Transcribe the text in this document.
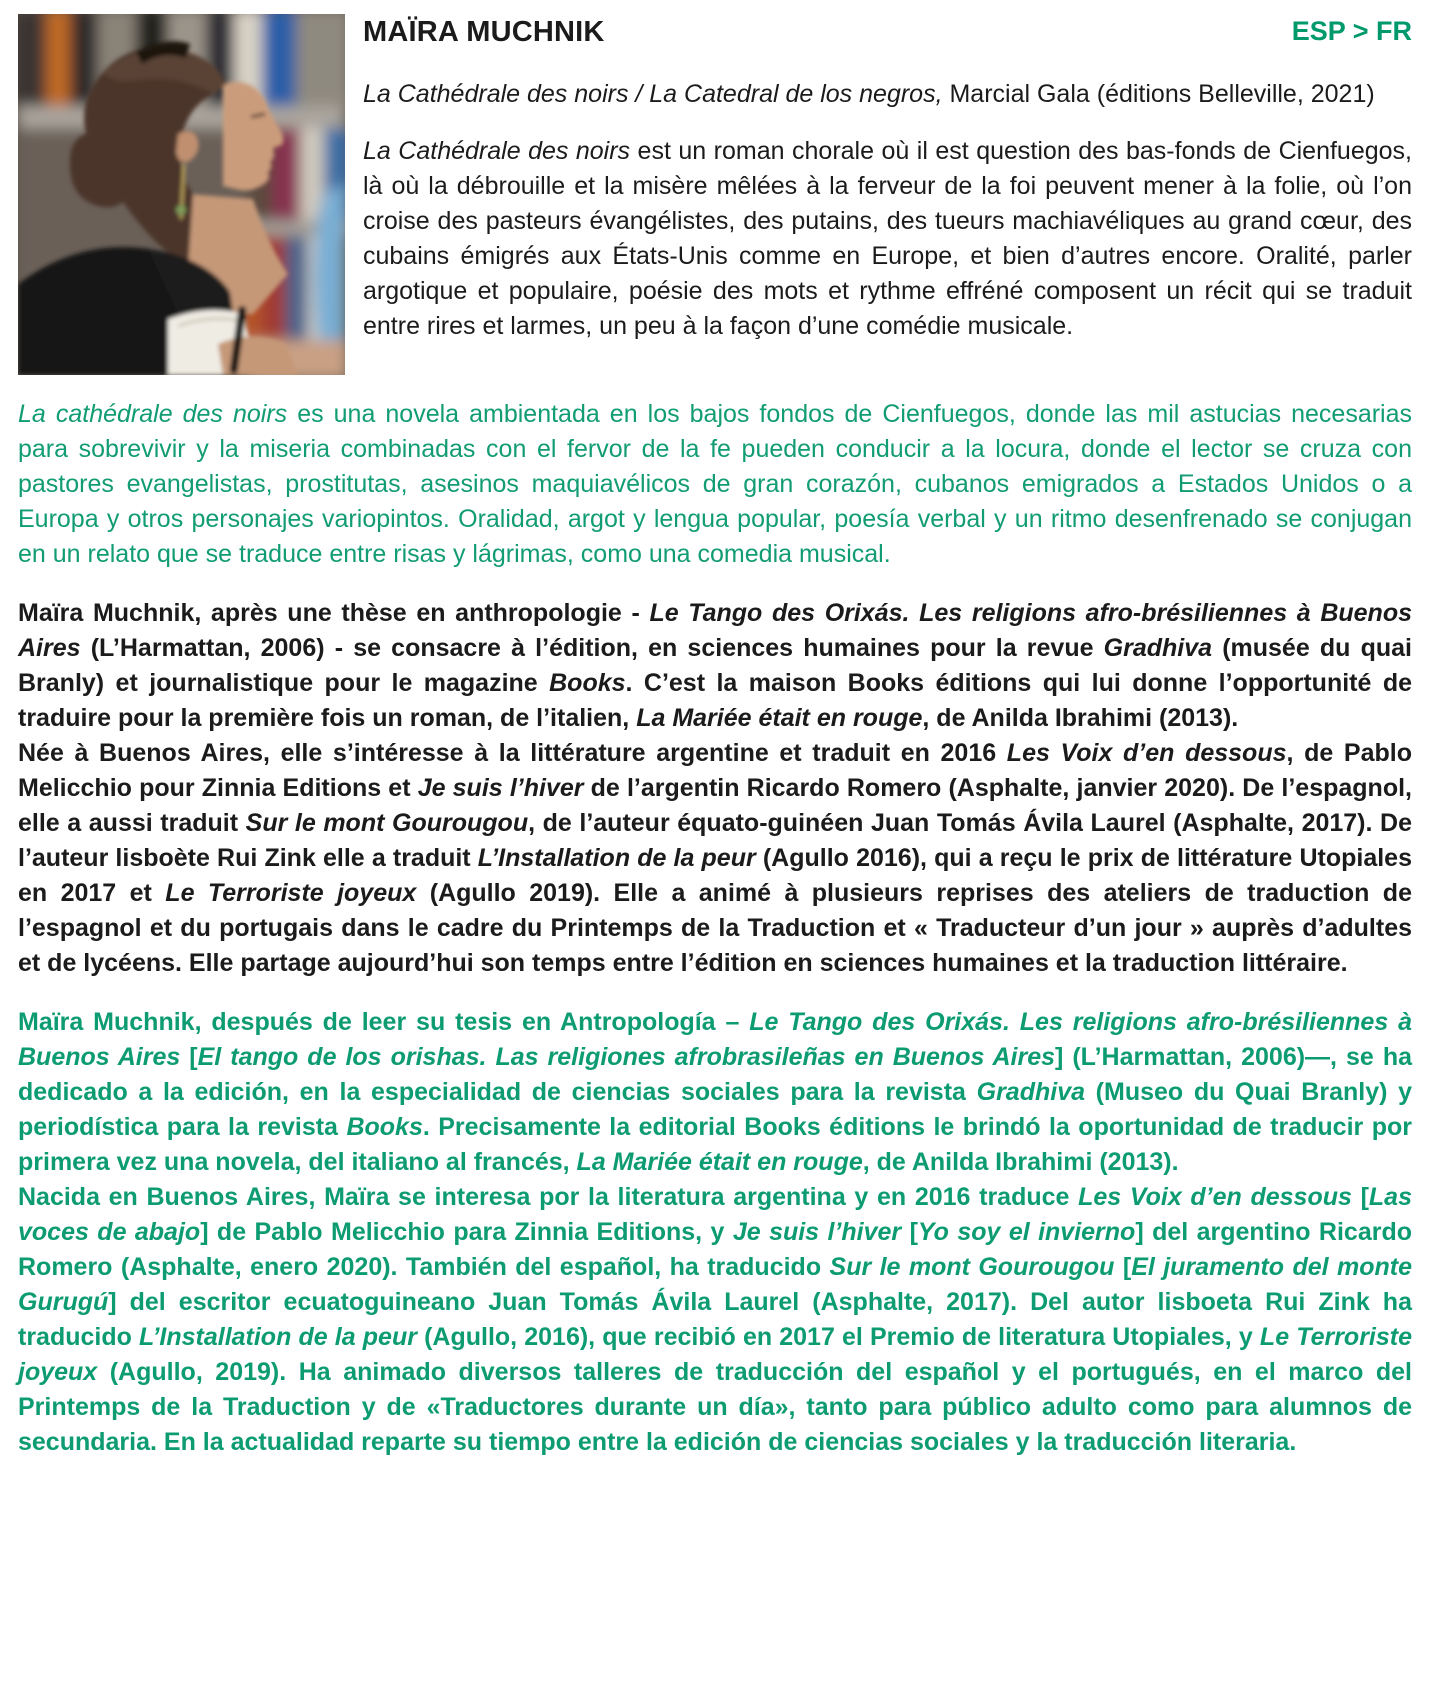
MAÏRA MUCHNIK	ESP > FR

La Cathédrale des noirs / La Catedral de los negros, Marcial Gala (éditions Belleville, 2021)

La Cathédrale des noirs est un roman chorale où il est question des bas-fonds de Cienfuegos, là où la débrouille et la misère mêlées à la ferveur de la foi peuvent mener à la folie, où l’on croise des pasteurs évangélistes, des putains, des tueurs machiavéliques au grand cœur, des cubains émigrés aux États-Unis comme en Europe, et bien d’autres encore. Oralité, parler argotique et populaire, poésie des mots et rythme effréné composent un récit qui se traduit entre rires et larmes, un peu à la façon d’une comédie musicale.

La cathédrale des noirs es una novela ambientada en los bajos fondos de Cienfuegos, donde las mil astucias necesarias para sobrevivir y la miseria combinadas con el fervor de la fe pueden conducir a la locura, donde el lector se cruza con pastores evangelistas, prostitutas, asesinos maquiavélicos de gran corazón, cubanos emigrados a Estados Unidos o a Europa y otros personajes variopintos. Oralidad, argot y lengua popular, poesía verbal y un ritmo desenfrenado se conjugan en un relato que se traduce entre risas y lágrimas, como una comedia musical.

Maïra Muchnik, après une thèse en anthropologie - Le Tango des Orixás. Les religions afro-brésiliennes à Buenos Aires (L’Harmattan, 2006) - se consacre à l’édition, en sciences humaines pour la revue Gradhiva (musée du quai Branly) et journalistique pour le magazine Books. C’est la maison Books éditions qui lui donne l’opportunité de traduire pour la première fois un roman, de l’italien, La Mariée était en rouge, de Anilda Ibrahimi (2013).

Née à Buenos Aires, elle s’intéresse à la littérature argentine et traduit en 2016 Les Voix d’en dessous, de Pablo Melicchio pour Zinnia Editions et Je suis l’hiver de l’argentin Ricardo Romero (Asphalte, janvier 2020). De l’espagnol, elle a aussi traduit Sur le mont Gourougou, de l’auteur équato-guinéen Juan Tomás Ávila Laurel (Asphalte, 2017). De l’auteur lisboète Rui Zink elle a traduit L’Installation de la peur (Agullo 2016), qui a reçu le prix de littérature Utopiales en 2017 et Le Terroriste joyeux (Agullo 2019). Elle a animé à plusieurs reprises des ateliers de traduction de l’espagnol et du portugais dans le cadre du Printemps de la Traduction et « Traducteur d’un jour » auprès d’adultes et de lycéens. Elle partage aujourd’hui son temps entre l’édition en sciences humaines et la traduction littéraire.

Maïra Muchnik, después de leer su tesis en Antropología – Le Tango des Orixás. Les religions afro-brésiliennes à Buenos Aires [El tango de los orishas. Las religiones afrobrasileñas en Buenos Aires] (L’Harmattan, 2006)—, se ha dedicado a la edición, en la especialidad de ciencias sociales para la revista Gradhiva (Museo du Quai Branly) y periodística para la revista Books. Precisamente la editorial Books éditions le brindó la oportunidad de traducir por primera vez una novela, del italiano al francés, La Mariée était en rouge, de Anilda Ibrahimi (2013).

Nacida en Buenos Aires, Maïra se interesa por la literatura argentina y en 2016 traduce Les Voix d’en dessous [Las voces de abajo] de Pablo Melicchio para Zinnia Editions, y Je suis l’hiver [Yo soy el invierno] del argentino Ricardo Romero (Asphalte, enero 2020). También del español, ha traducido Sur le mont Gourougou [El juramento del monte Gurugú] del escritor ecuatoguineano Juan Tomás Ávila Laurel (Asphalte, 2017). Del autor lisboeta Rui Zink ha traducido L’Installation de la peur (Agullo, 2016), que recibió en 2017 el Premio de literatura Utopiales, y Le Terroriste joyeux (Agullo, 2019). Ha animado diversos talleres de traducción del español y el portugués, en el marco del Printemps de la Traduction y de «Traductores durante un día», tanto para público adulto como para alumnos de secundaria. En la actualidad reparte su tiempo entre la edición de ciencias sociales y la traducción literaria.
